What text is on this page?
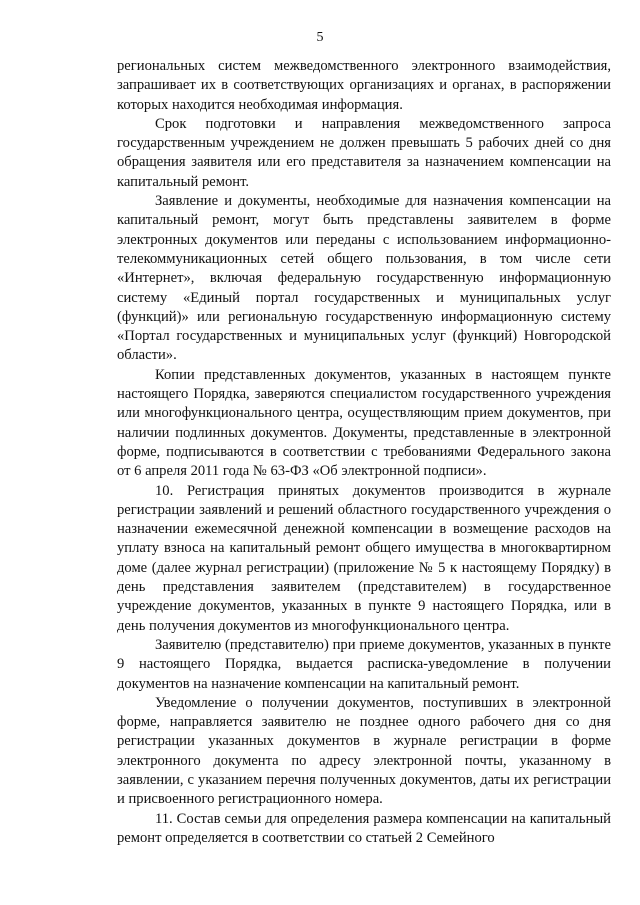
5

региональных систем межведомственного электронного взаимодействия, запрашивает их в соответствующих организациях и органах, в распоряжении которых находится необходимая информация.

Срок подготовки и направления межведомственного запроса государственным учреждением не должен превышать 5 рабочих дней со дня обращения заявителя или его представителя за назначением компенсации на капитальный ремонт.

Заявление и документы, необходимые для назначения компенсации на капитальный ремонт, могут быть представлены заявителем в форме электронных документов или переданы с использованием информационно-телекоммуникационных сетей общего пользования, в том числе сети «Интернет», включая федеральную государственную информационную систему «Единый портал государственных и муниципальных услуг (функций)» или региональную государственную информационную систему «Портал государственных и муниципальных услуг (функций) Новгородской области».

Копии представленных документов, указанных в настоящем пункте настоящего Порядка, заверяются специалистом государственного учреждения или многофункционального центра, осуществляющим прием документов, при наличии подлинных документов. Документы, представленные в электронной форме, подписываются в соответствии с требованиями Федерального закона от 6 апреля 2011 года № 63-ФЗ «Об электронной подписи».

10. Регистрация принятых документов производится в журнале регистрации заявлений и решений областного государственного учреждения о назначении ежемесячной денежной компенсации в возмещение расходов на уплату взноса на капитальный ремонт общего имущества в многоквартирном доме (далее журнал регистрации) (приложение № 5 к настоящему Порядку) в день представления заявителем (представителем) в государственное учреждение документов, указанных в пункте 9 настоящего Порядка, или в день получения документов из многофункционального центра.

Заявителю (представителю) при приеме документов, указанных в пункте 9 настоящего Порядка, выдается расписка-уведомление в получении документов на назначение компенсации на капитальный ремонт.

Уведомление о получении документов, поступивших в электронной форме, направляется заявителю не позднее одного рабочего дня со дня регистрации указанных документов в журнале регистрации в форме электронного документа по адресу электронной почты, указанному в заявлении, с указанием перечня полученных документов, даты их регистрации и присвоенного регистрационного номера.

11. Состав семьи для определения размера компенсации на капитальный ремонт определяется в соответствии со статьей 2 Семейного
